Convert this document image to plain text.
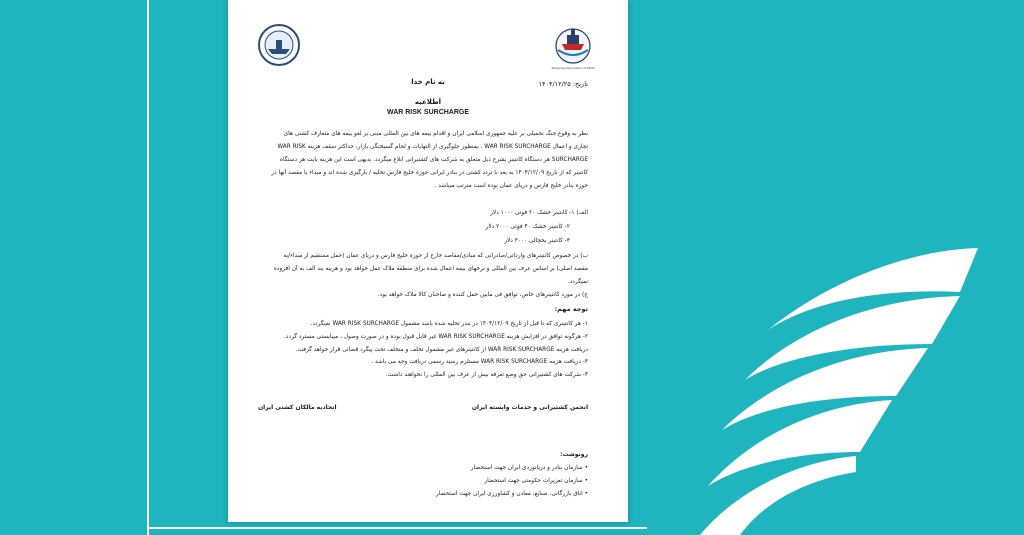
Shipping Association of IRAN
تاریخ: ۱۴۰۴/۱۲/۲۵
به نام خدا
اطلاعیه
WAR RISK SURCHARGE
نظر به وقوع جنگ تحمیلی بر علیه جمهوری اسلامی ایران و اقدام بیمه های بین المللی مبنی بر لغو بیمه های متعارف کشتی های تجاری و اعمال WAR RISK SURCHARGE ، بمنظور جلوگیری از التهابات و لجام گسیختگی بازار، حداکثر سقف هزینه WAR RISK SURCHARGE هر دستگاه کانتینر بشرح ذیل متعلق به شرکت های کشتیرانی ابلاغ میگردد. بدیهی است این هزینه بابت هر دستگاه کانتینر که از تاریخ ۱۴۰۴/۱۲/۰۹ به بعد با تردد کشتی در بنادر ایرانی حوزه خلیج فارس تخلیه / بارگیری شده اند و مبداء یا مقصد آنها در حوزه بنادر خلیج فارس و دریای عمان بوده است مترتب میباشد .
الف) ۱- کانتینر خشک ۲۰ فوتی ۱۰۰۰ دلار
۲- کانتینر خشک ۴۰ فوتی ۲۰۰۰ دلار
۳- کانتینر یخچالی ۳۰۰۰ دلار
ب) در خصوص کانتینرهای وارداتی/صادراتی که مبادی/مقاصد خارج از حوزه خلیج فارس و دریای عمان (حمل مستقیم از مبداء/به مقصد اصلی) بر اساس عرف بین المللی و نرخهای بیمه اعمال شده برای منطقه ملاک عمل خواهد بود و هزینه بند الف به آن افزوده نمیگردد.
ج) در مورد کانتینرهای خاص، توافق فی مابین حمل کننده و صاحبان کالا ملاک خواهد بود.
توجه مهم:
۱- هر کانتینری که تا قبل از تاریخ ۱۴۰۴/۱۲/۰۹ در بندر تخلیه شده باشد مشمول WAR RISK SURCHARGE نمیگردد.
۲- هرگونه توافق در افزایش هزینه WAR RISK SURCHARGE غیر قابل قبول بوده و در صورت وصول ، میبایستی مسترد گردد. دریافت هزینه WAR RISK SURCHARGE از کانتینرهای غیر مشمول تخلف و متخلف تحت پیگرد قضائی قرار خواهد گرفت.
۳- دریافت هزینه WAR RISK SURCHARGE مستلزم رسید رسمی دریافت وجه می باشد .
۴- شرکت های کشتیرانی حق وضع تعرفه بیش از عرف بین المللی را نخواهند داشت.
انجمن کشتیرانی و خدمات وابسته ایران
اتحادیه مالکان کشتی ایران
رونوشت:
• سازمان بنادر و دریانوردی ایران جهت استحضار
• سازمان تعزیرات حکومتی جهت استحضار
• اتاق بازرگانی، صنایع، معادن و کشاورزی ایران جهت استحضار
